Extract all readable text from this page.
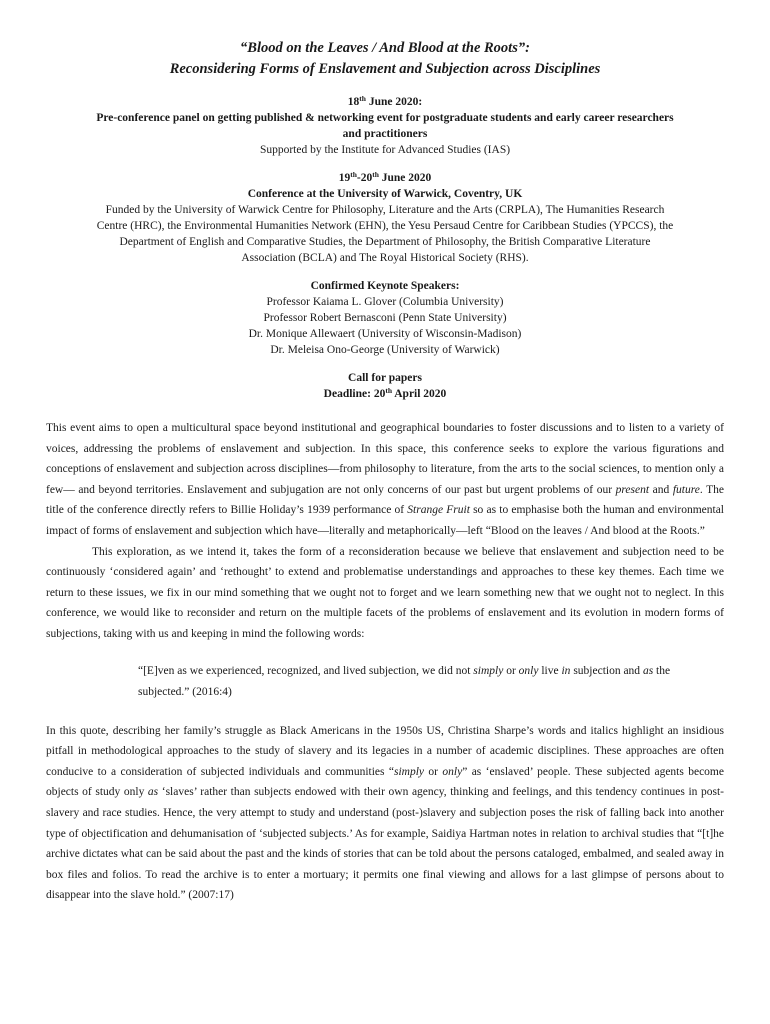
“Blood on the Leaves / And Blood at the Roots”:

Reconsidering Forms of Enslavement and Subjection across Disciplines

18th June 2020:

Pre-conference panel on getting published & networking event for postgraduate students and early career researchers
and practitioners

Supported by the Institute for Advanced Studies (IAS)

19th-20th June 2020

Conference at the University of Warwick, Coventry, UK

Funded by the University of Warwick Centre for Philosophy, Literature and the Arts (CRPLA), The Humanities Research
Centre (HRC), the Environmental Humanities Network (EHN), the Yesu Persaud Centre for Caribbean Studies (YPCCS), the
Department of English and Comparative Studies, the Department of Philosophy, the British Comparative Literature
Association (BCLA) and The Royal Historical Society (RHS).

Confirmed Keynote Speakers:

Professor Kaiama L. Glover (Columbia University)

Professor Robert Bernasconi (Penn State University)

Dr. Monique Allewaert (University of Wisconsin-Madison)

Dr. Meleisa Ono-George (University of Warwick)

Call for papers

Deadline: 20th April 2020

This event aims to open a multicultural space beyond institutional and geographical boundaries to foster discussions and to listen to a variety of voices, addressing the problems of enslavement and subjection. In this space, this conference seeks to explore the various figurations and conceptions of enslavement and subjection across disciplines—from philosophy to literature, from the arts to the social sciences, to mention only a few— and beyond territories. Enslavement and subjugation are not only concerns of our past but urgent problems of our present and future. The title of the conference directly refers to Billie Holiday’s 1939 performance of Strange Fruit so as to emphasise both the human and environmental impact of forms of enslavement and subjection which have—literally and metaphorically—left “Blood on the leaves / And blood at the Roots.”

This exploration, as we intend it, takes the form of a reconsideration because we believe that enslavement and subjection need to be continuously ‘considered again’ and ‘rethought’ to extend and problematise understandings and approaches to these key themes. Each time we return to these issues, we fix in our mind something that we ought not to forget and we learn something new that we ought not to neglect. In this conference, we would like to reconsider and return on the multiple facets of the problems of enslavement and its evolution in modern forms of subjections, taking with us and keeping in mind the following words:

“[E]ven as we experienced, recognized, and lived subjection, we did not simply or only live in subjection and as the subjected.” (2016:4)

In this quote, describing her family’s struggle as Black Americans in the 1950s US, Christina Sharpe’s words and italics highlight an insidious pitfall in methodological approaches to the study of slavery and its legacies in a number of academic disciplines. These approaches are often conducive to a consideration of subjected individuals and communities “simply or only” as ‘enslaved’ people. These subjected agents become objects of study only as ‘slaves’ rather than subjects endowed with their own agency, thinking and feelings, and this tendency continues in post-slavery and race studies. Hence, the very attempt to study and understand (post-)slavery and subjection poses the risk of falling back into another type of objectification and dehumanisation of ‘subjected subjects.’ As for example, Saidiya Hartman notes in relation to archival studies that “[t]he archive dictates what can be said about the past and the kinds of stories that can be told about the persons cataloged, embalmed, and sealed away in box files and folios. To read the archive is to enter a mortuary; it permits one final viewing and allows for a last glimpse of persons about to disappear into the slave hold.” (2007:17)
